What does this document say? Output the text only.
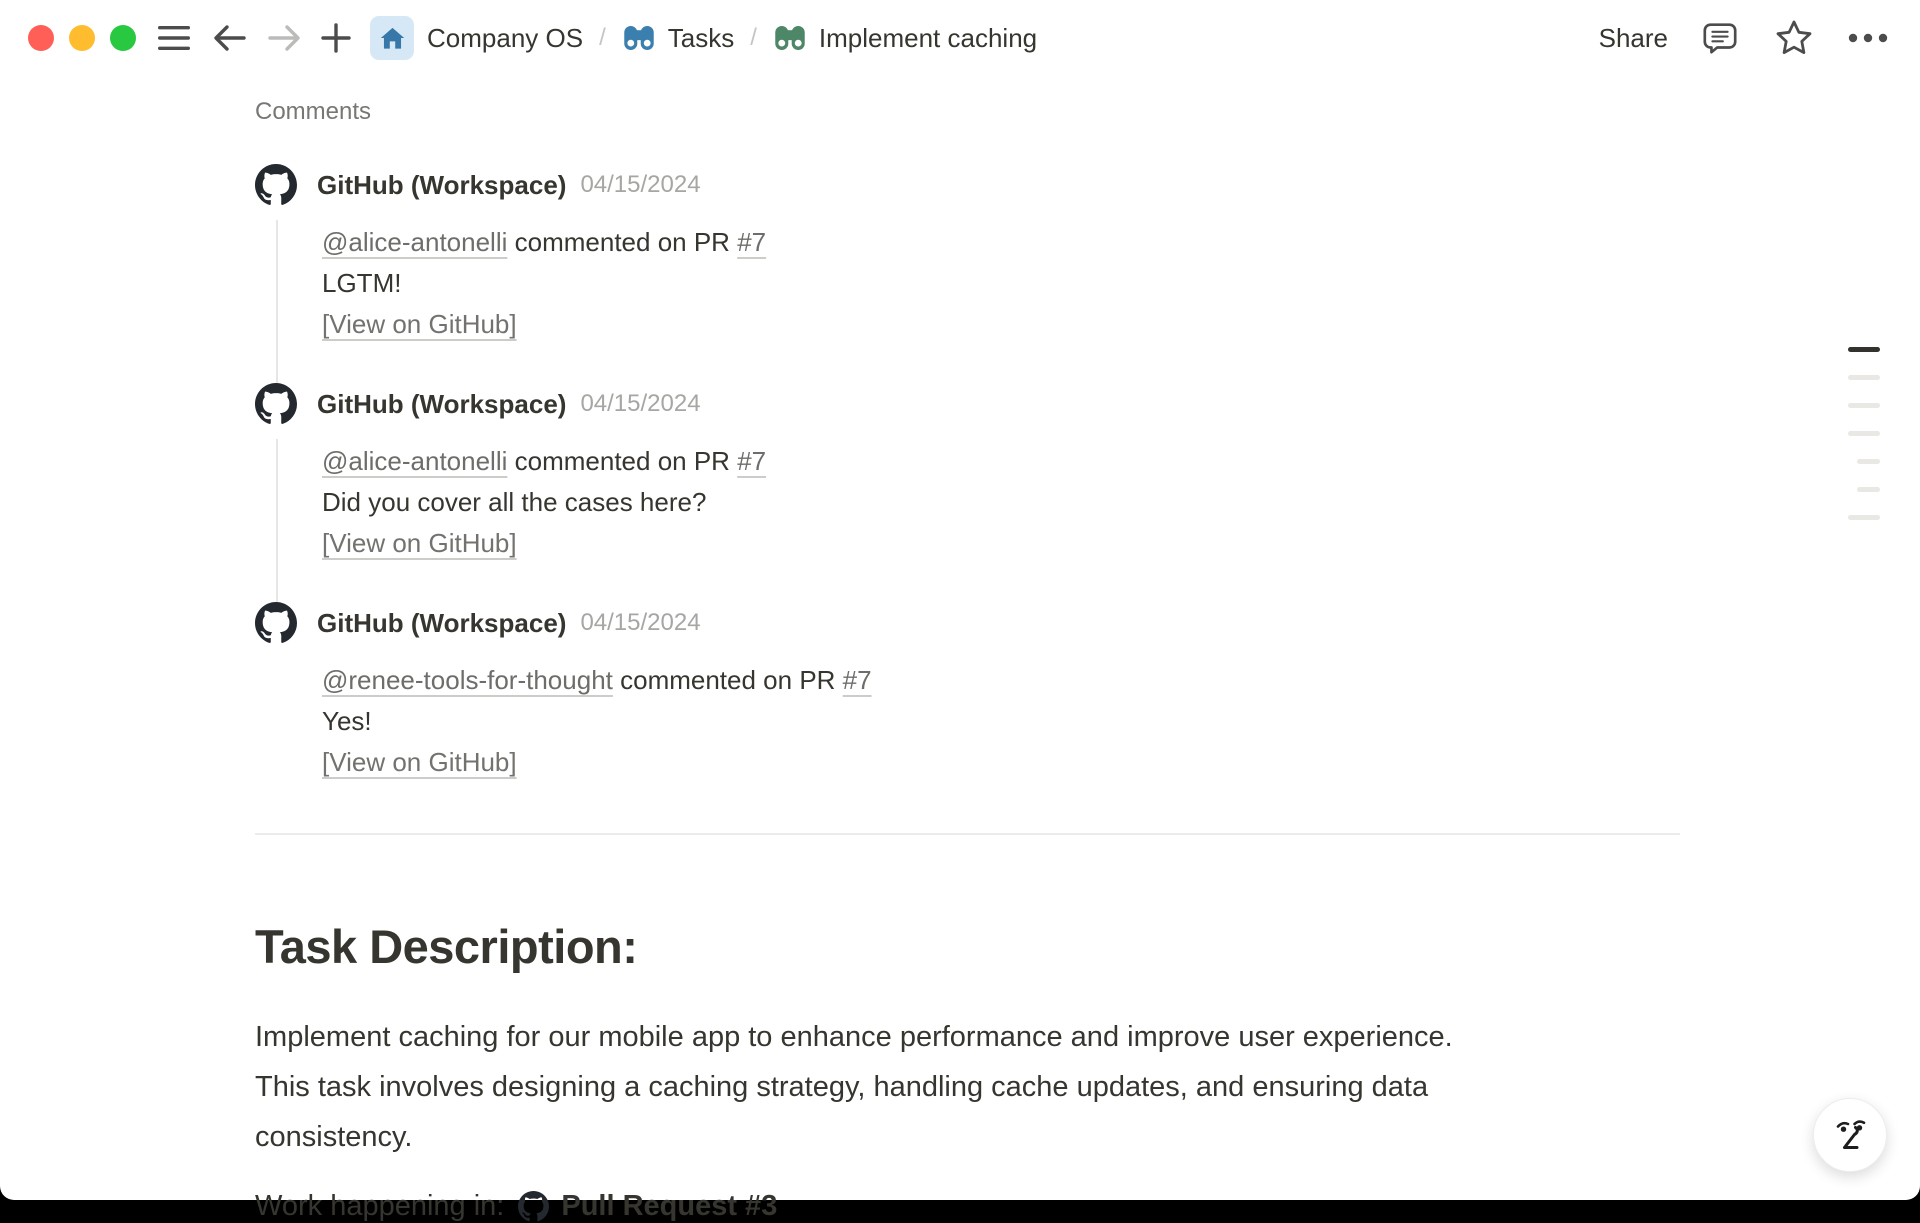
Company OS / Tasks / Implement caching	Share
Comments
GitHub (Workspace) 04/15/2024
@alice-antonelli commented on PR #7
LGTM!
[View on GitHub]
GitHub (Workspace) 04/15/2024
@alice-antonelli commented on PR #7
Did you cover all the cases here?
[View on GitHub]
GitHub (Workspace) 04/15/2024
@renee-tools-for-thought commented on PR #7
Yes!
[View on GitHub]
Task Description:
Implement caching for our mobile app to enhance performance and improve user experience.
This task involves designing a caching strategy, handling cache updates, and ensuring data
consistency.
Work happening in: Pull Request #3
